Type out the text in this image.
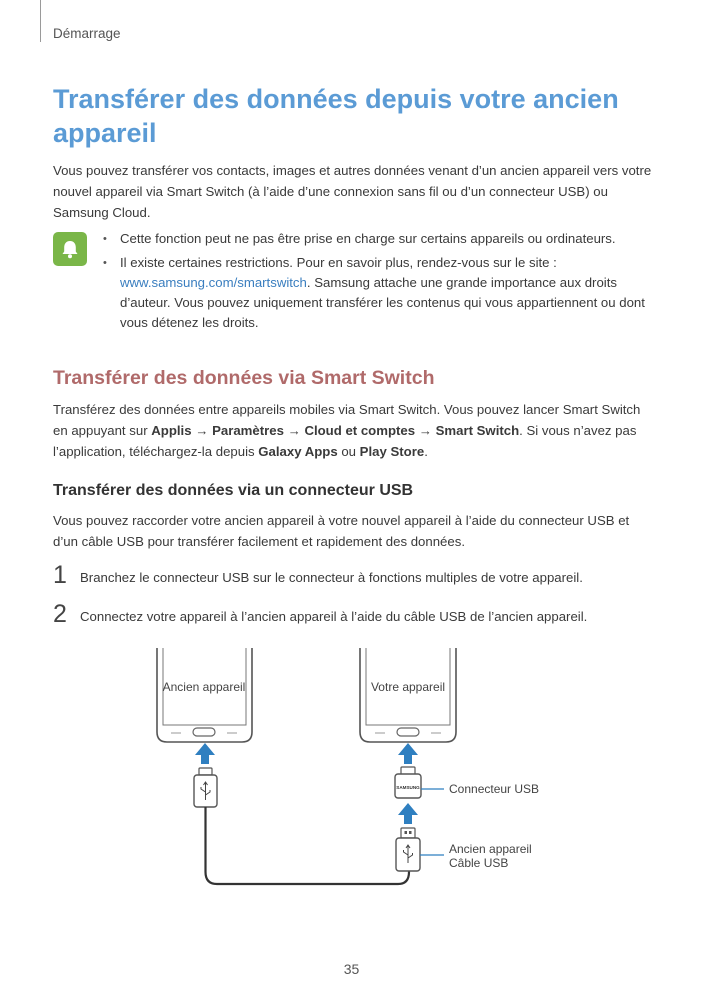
Démarrage
Transférer des données depuis votre ancien appareil

Vous pouvez transférer vos contacts, images et autres données venant d’un ancien appareil vers votre nouvel appareil via Smart Switch (à l’aide d’une connexion sans fil ou d’un connecteur USB) ou Samsung Cloud.

• Cette fonction peut ne pas être prise en charge sur certains appareils ou ordinateurs.
• Il existe certaines restrictions. Pour en savoir plus, rendez-vous sur le site :
www.samsung.com/smartswitch. Samsung attache une grande importance aux droits d’auteur. Vous pouvez uniquement transférer les contenus qui vous appartiennent ou dont vous détenez les droits.
Transférer des données via Smart Switch

Transférez des données entre appareils mobiles via Smart Switch. Vous pouvez lancer Smart Switch en appuyant sur Applis → Paramètres → Cloud et comptes → Smart Switch. Si vous n’avez pas l’application, téléchargez-la depuis Galaxy Apps ou Play Store.

Transférer des données via un connecteur USB

Vous pouvez raccorder votre ancien appareil à votre nouvel appareil à l’aide du connecteur USB et d’un câble USB pour transférer facilement et rapidement des données.

1 Branchez le connecteur USB sur le connecteur à fonctions multiples de votre appareil.
2 Connectez votre appareil à l’ancien appareil à l’aide du câble USB de l’ancien appareil.
Ancien appareil	Votre appareil
SAMSUNG Connecteur USB
Ancien appareil
Câble USB
35
